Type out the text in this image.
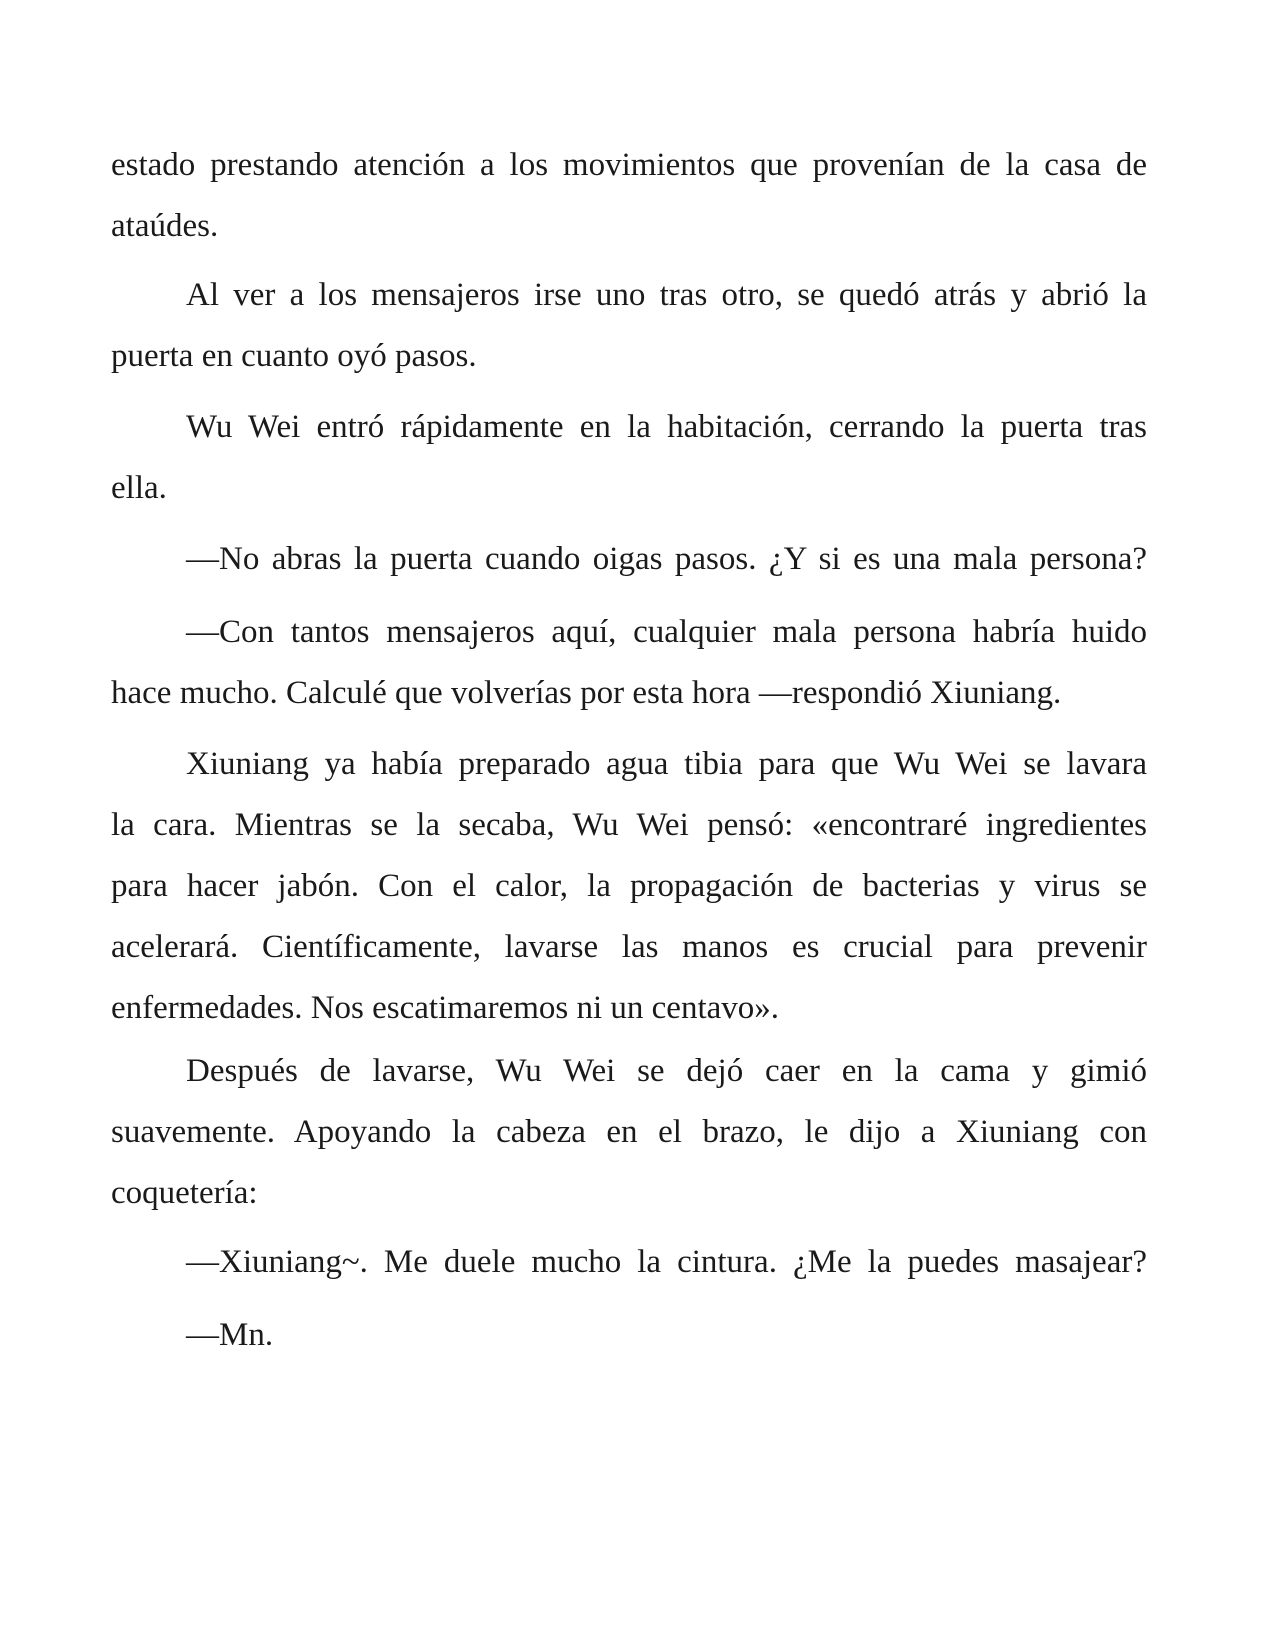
estado prestando atención a los movimientos que provenían de la casa de
ataúdes.
Al ver a los mensajeros irse uno tras otro, se quedó atrás y abrió la
puerta en cuanto oyó pasos.
Wu Wei entró rápidamente en la habitación, cerrando la puerta tras
ella.
—No abras la puerta cuando oigas pasos. ¿Y si es una mala persona?
—Con tantos mensajeros aquí, cualquier mala persona habría huido
hace mucho. Calculé que volverías por esta hora —respondió Xiuniang.
Xiuniang ya había preparado agua tibia para que Wu Wei se lavara
la cara. Mientras se la secaba, Wu Wei pensó: «encontraré ingredientes
para hacer jabón. Con el calor, la propagación de bacterias y virus se
acelerará. Científicamente, lavarse las manos es crucial para prevenir
enfermedades. Nos escatimaremos ni un centavo».
Después de lavarse, Wu Wei se dejó caer en la cama y gimió
suavemente. Apoyando la cabeza en el brazo, le dijo a Xiuniang con
coquetería:
—Xiuniang~. Me duele mucho la cintura. ¿Me la puedes masajear?
—Mn.
